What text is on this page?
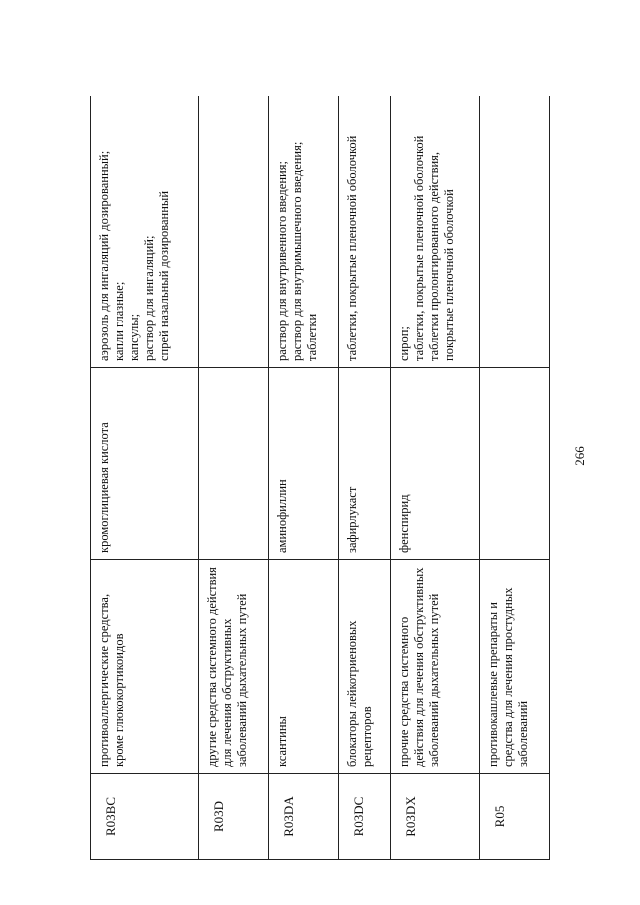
R03BC	противоаллергические средства, кроме глюкокортикоидов	кромоглициевая кислота	аэрозоль для ингаляций дозированный; капли глазные; капсулы; раствор для ингаляций; спрей назальный дозированный

R03D	другие средства системного действия для лечения обструктивных заболеваний дыхательных путей		
R03DA	ксантины	аминофиллин	раствор для внутривенного введения; раствор для внутримышечного введения; таблетки

R03DC	блокаторы лейкотриеновых рецепторов	зафирлукаст	таблетки, покрытые пленочной оболочкой

R03DX	прочие средства системного действия для лечения обструктивных заболеваний дыхательных путей	фенспирид	сироп; таблетки, покрытые пленочной оболочкой таблетки пролонгированного действия, покрытые пленочной оболочкой

R05	противокашлевые препараты и средства для лечения простудных заболеваний		
266
